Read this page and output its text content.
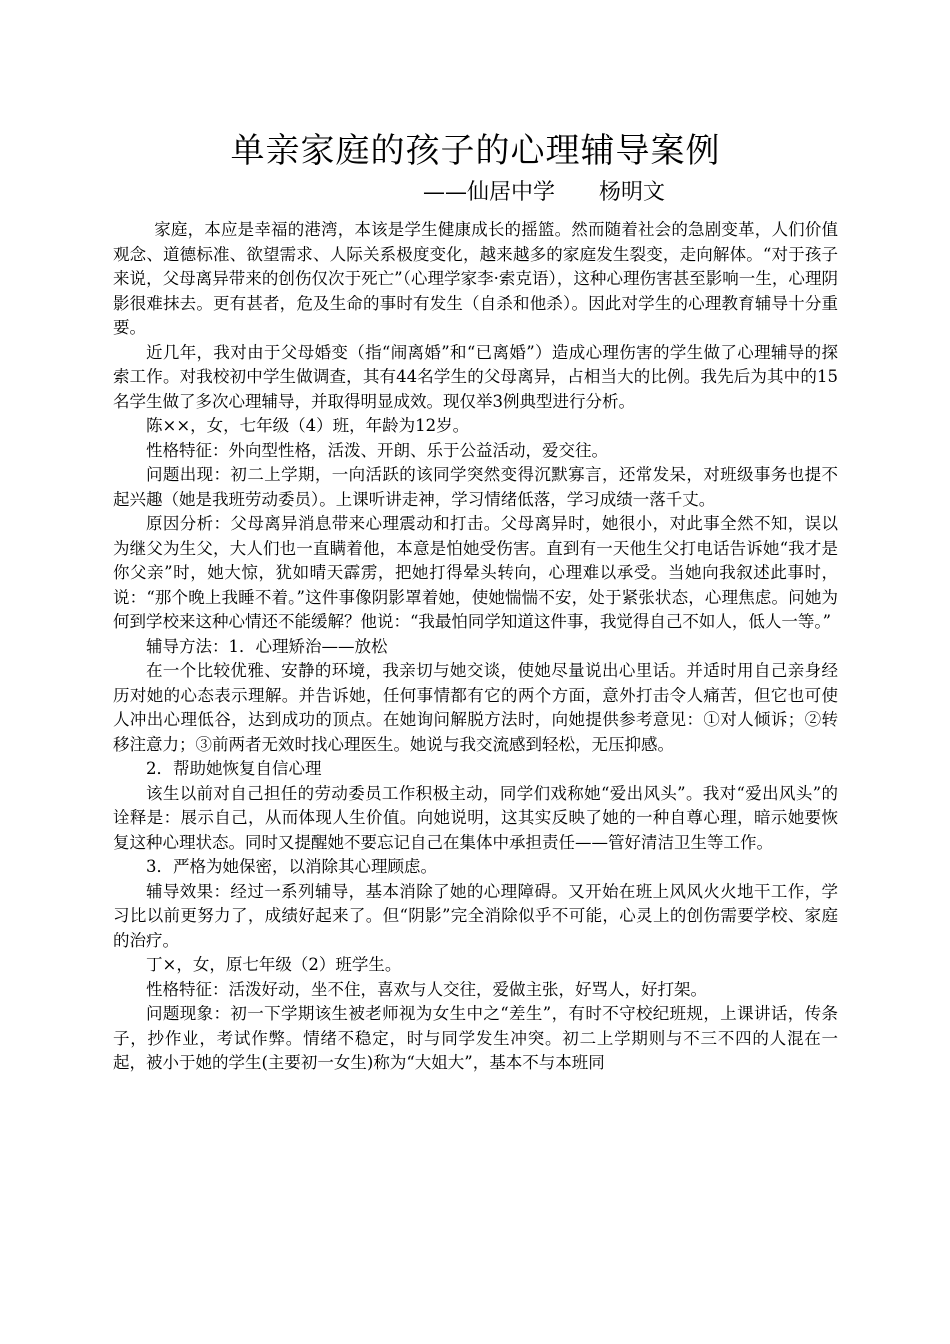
单亲家庭的孩子的心理辅导案例
——仙居中学　　杨明文

家庭，本应是幸福的港湾，本该是学生健康成长的摇篮。然而随着社会的急剧变革，人们价值观念、道德标准、欲望需求、人际关系极度变化，越来越多的家庭发生裂变，走向解体。“对于孩子来说，父母离异带来的创伤仅次于死亡”（心理学家李·索克语），这种心理伤害甚至影响一生，心理阴影很难抹去。更有甚者，危及生命的事时有发生（自杀和他杀）。因此对学生的心理教育辅导十分重要。

近几年，我对由于父母婚变（指“闹离婚”和“已离婚”）造成心理伤害的学生做了心理辅导的探索工作。对我校初中学生做调查，其有44名学生的父母离异，占相当大的比例。我先后为其中的15名学生做了多次心理辅导，并取得明显成效。现仅举3例典型进行分析。

陈××，女，七年级（4）班，年龄为12岁。

性格特征：外向型性格，活泼、开朗、乐于公益活动，爱交往。

问题出现：初二上学期，一向活跃的该同学突然变得沉默寡言，还常发呆，对班级事务也提不起兴趣（她是我班劳动委员）。上课听讲走神，学习情绪低落，学习成绩一落千丈。

原因分析：父母离异消息带来心理震动和打击。父母离异时，她很小，对此事全然不知，误以为继父为生父，大人们也一直瞒着他，本意是怕她受伤害。直到有一天他生父打电话告诉她“我才是你父亲”时，她大惊，犹如晴天霹雳，把她打得晕头转向，心理难以承受。当她向我叙述此事时，说：“那个晚上我睡不着。”这件事像阴影罩着她，使她惴惴不安，处于紧张状态，心理焦虑。问她为何到学校来这种心情还不能缓解？他说：“我最怕同学知道这件事，我觉得自己不如人，低人一等。”

辅导方法：1．心理矫治——放松

在一个比较优雅、安静的环境，我亲切与她交谈，使她尽量说出心里话。并适时用自己亲身经历对她的心态表示理解。并告诉她，任何事情都有它的两个方面，意外打击令人痛苦，但它也可使人冲出心理低谷，达到成功的顶点。在她询问解脱方法时，向她提供参考意见：①对人倾诉；②转移注意力；③前两者无效时找心理医生。她说与我交流感到轻松，无压抑感。

2．帮助她恢复自信心理

该生以前对自己担任的劳动委员工作积极主动，同学们戏称她“爱出风头”。我对“爱出风头”的诠释是：展示自己，从而体现人生价值。向她说明，这其实反映了她的一种自尊心理，暗示她要恢复这种心理状态。同时又提醒她不要忘记自己在集体中承担责任——管好清洁卫生等工作。

3．严格为她保密，以消除其心理顾虑。

辅导效果：经过一系列辅导，基本消除了她的心理障碍。又开始在班上风风火火地干工作，学习比以前更努力了，成绩好起来了。但“阴影”完全消除似乎不可能，心灵上的创伤需要学校、家庭的治疗。

丁×，女，原七年级（2）班学生。

性格特征：活泼好动，坐不住，喜欢与人交往，爱做主张，好骂人，好打架。

问题现象：初一下学期该生被老师视为女生中之“差生”，有时不守校纪班规，上课讲话，传条子，抄作业，考试作弊。情绪不稳定，时与同学发生冲突。初二上学期则与不三不四的人混在一起，被小于她的学生(主要初一女生)称为“大姐大”，基本不与本班同
